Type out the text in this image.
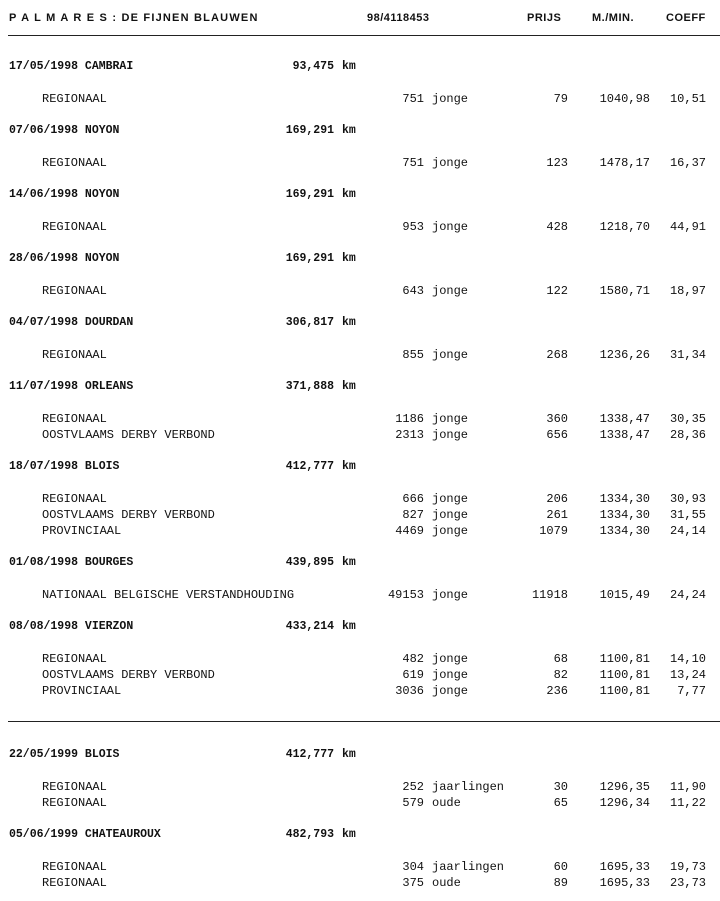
P A L M A R E S : DE FIJNEN BLAUWEN	98/4118453	PRIJS	M./MIN.	COEFF
17/05/1998 CAMBRAI	93,475 km
REGIONAAL	751 jonge	79	1040,98 10,51
07/06/1998 NOYON	169,291 km
REGIONAAL	751 jonge	123	1478,17 16,37
14/06/1998 NOYON	169,291 km
REGIONAAL	953 jonge	428	1218,70 44,91
28/06/1998 NOYON	169,291 km
REGIONAAL	643 jonge	122	1580,71 18,97
04/07/1998 DOURDAN	306,817 km
REGIONAAL	855 jonge	268	1236,26 31,34
11/07/1998 ORLEANS	371,888 km
REGIONAAL	1186 jonge	360	1338,47 30,35
OOSTVLAAMS DERBY VERBOND	2313 jonge	656	1338,47 28,36
18/07/1998 BLOIS	412,777 km
REGIONAAL	666 jonge	206	1334,30 30,93
OOSTVLAAMS DERBY VERBOND	827 jonge	261	1334,30 31,55
PROVINCIAAL	4469 jonge	1079	1334,30 24,14
01/08/1998 BOURGES	439,895 km
NATIONAAL BELGISCHE VERSTANDHOUDING	49153 jonge	11918	1015,49 24,24
08/08/1998 VIERZON	433,214 km
REGIONAAL	482 jonge	68	1100,81 14,10
OOSTVLAAMS DERBY VERBOND	619 jonge	82	1100,81 13,24
PROVINCIAAL	3036 jonge	236	1100,81 7,77
22/05/1999 BLOIS	412,777 km
REGIONAAL	252 jaarlingen	30	1296,35 11,90
REGIONAAL	579 oude	65	1296,34 11,22
05/06/1999 CHATEAUROUX	482,793 km
REGIONAAL	304 jaarlingen	60	1695,33 19,73
REGIONAAL	375 oude	89	1695,33 23,73
